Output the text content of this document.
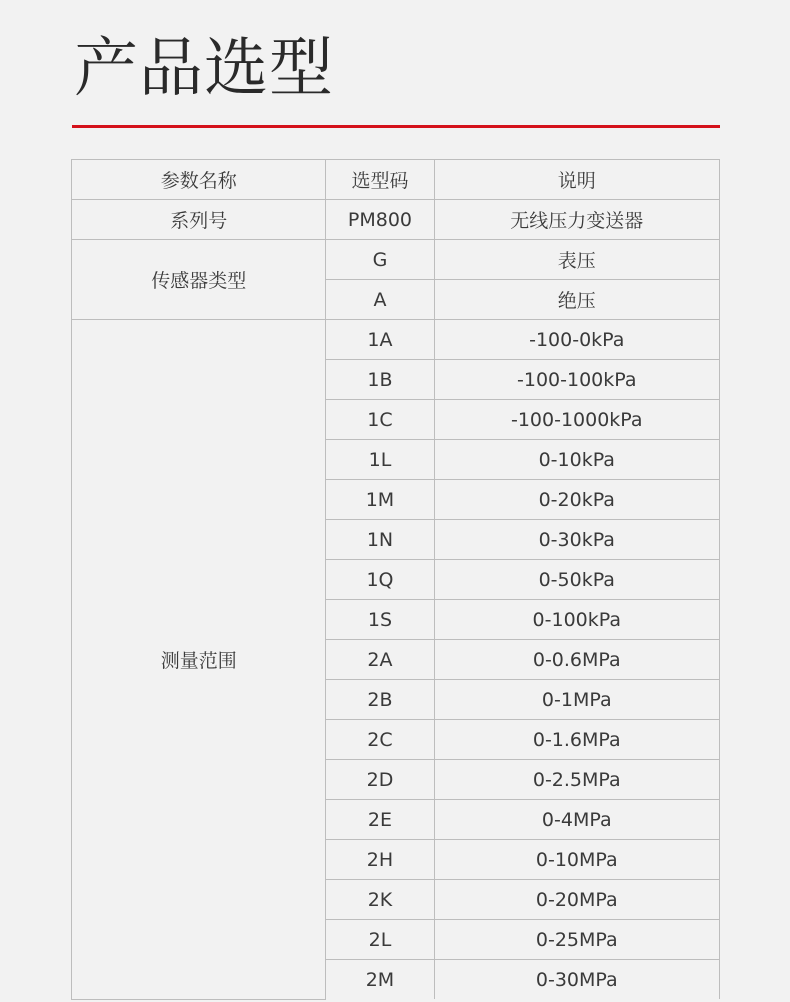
产品选型
参数名称	选型码	说明
系列号	PM800	无线压力变送器
传感器类型	G	表压
	A	绝压
测量范围	1A	-100-0kPa
	1B	-100-100kPa
	1C	-100-1000kPa
	1L	0-10kPa
	1M	0-20kPa
	1N	0-30kPa
	1Q	0-50kPa
	1S	0-100kPa
	2A	0-0.6MPa
	2B	0-1MPa
	2C	0-1.6MPa
	2D	0-2.5MPa
	2E	0-4MPa
	2H	0-10MPa
	2K	0-20MPa
	2L	0-25MPa
	2M	0-30MPa
